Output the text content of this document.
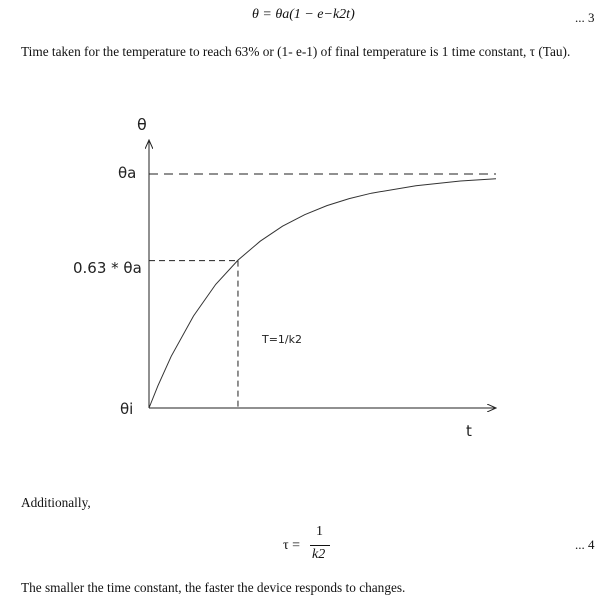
θ = θa(1 − e−k2t)	... 3
Time taken for the temperature to reach 63% or (1- e-1) of final temperature is 1 time constant, τ (Tau).
θ
t
θa
0.63 * θa
θi
T=1/k2
Additionally,
τ =
1
k2
... 4
The smaller the time constant, the faster the device responds to changes.
